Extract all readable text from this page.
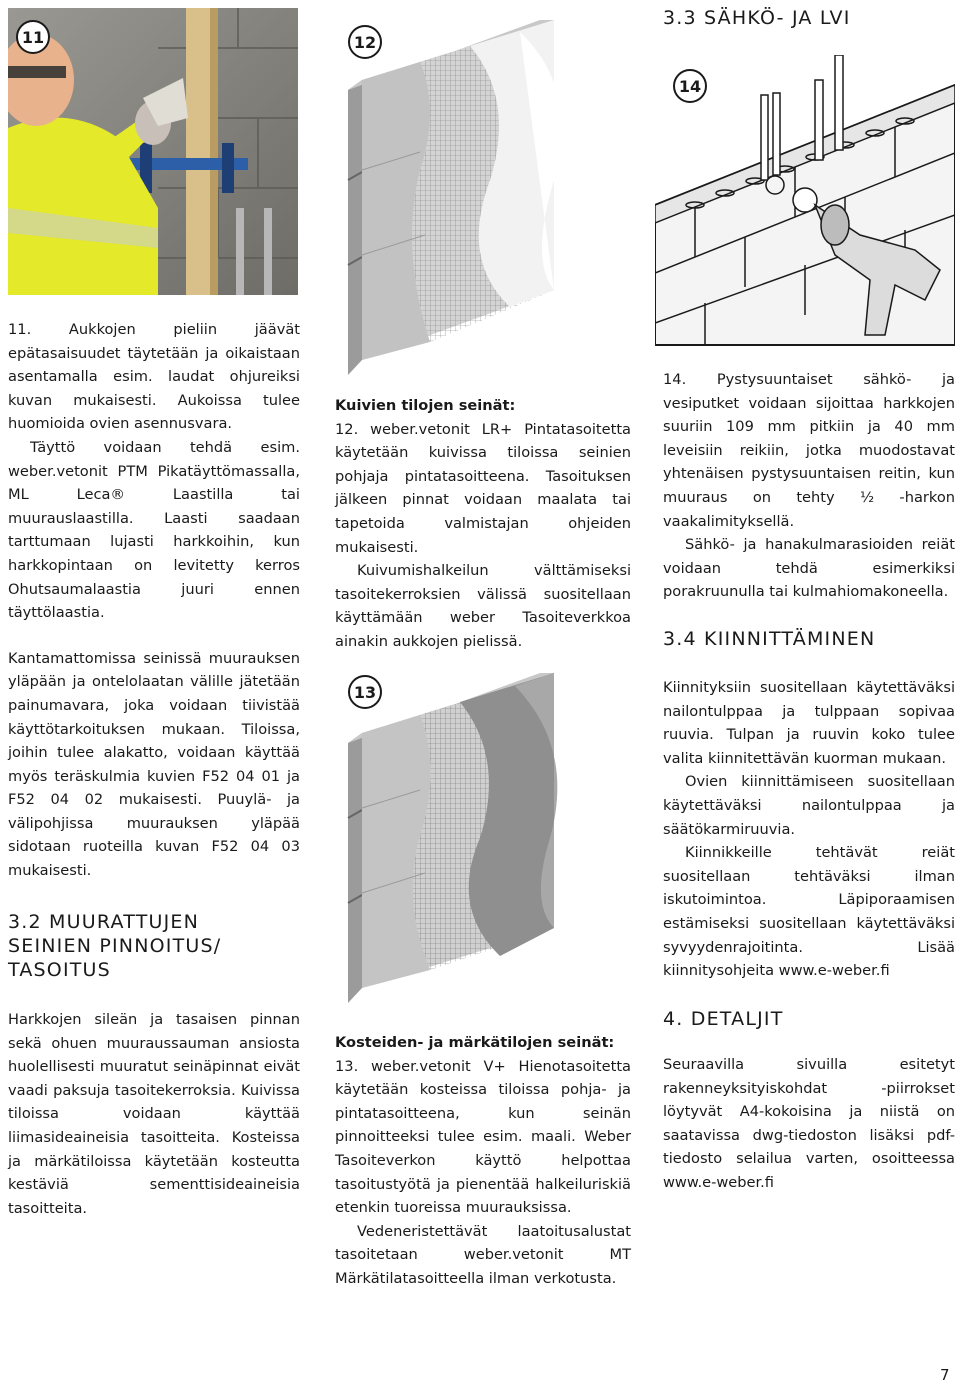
3.3 SÄHKÖ- JA LVI
11	12
13
14

11. Aukkojen pieliin jäävät epätasaisuudet täytetään ja oikaistaan asentamalla esim. laudat ohjureiksi kuvan mukaisesti. Aukoissa tulee huomioida ovien asennusvara.

Täyttö voidaan tehdä esim. weber.vetonit PTM Pikatäyttömassalla, ML Leca® Laastilla tai muurauslaastilla. Laasti saadaan tarttumaan lujasti harkkoihin, kun harkkopintaan on levitetty kerros Ohutsaumalaastia juuri ennen täyttölaastia.

Kantamattomissa seinissä muurauksen yläpään ja ontelolaatan välille jätetään painumavara, joka voidaan tiivistää käyttötarkoituksen mukaan. Tiloissa, joihin tulee alakatto, voidaan käyttää myös teräskulmia kuvien F52 04 01 ja F52 04 02 mukaisesti. Puuylä- ja välipohjissa muurauksen yläpää sidotaan ruoteilla kuvan F52 04 03 mukaisesti.

3.2 MUURATTUJEN
SEINIEN PINNOITUS/
TASOITUS
Harkkojen sileän ja tasaisen pinnan sekä ohuen muuraussauman ansiosta huolellisesti muuratut seinäpinnat eivät vaadi paksuja tasoitekerroksia. Kuivissa tiloissa voidaan käyttää liimasideaineisia tasoitteita. Kosteissa ja märkätiloissa käytetään kosteutta kestäviä sementtisideaineisia tasoitteita.

Kuivien tilojen seinät:

12. weber.vetonit LR+ Pintatasoitetta käytetään kuivissa tiloissa seinien pohjaja pintatasoitteena. Tasoituksen jälkeen pinnat voidaan maalata tai tapetoida valmistajan ohjeiden mukaisesti.

Kuivumishalkeilun välttämiseksi tasoitekerroksien välissä suositellaan käyttämään weber Tasoiteverkkoa ainakin aukkojen pielissä.

Kosteiden- ja märkätilojen seinät:

13. weber.vetonit V+ Hienotasoitetta käytetään kosteissa tiloissa pohja- ja pintatasoitteena, kun seinän pinnoitteeksi tulee esim. maali. Weber Tasoiteverkon käyttö helpottaa tasoitustyötä ja pienentää halkeiluriskiä etenkin tuoreissa muurauksissa.

Vedeneristettävät laatoitusalustat tasoitetaan weber.vetonit MT Märkätilatasoitteella ilman verkotusta.

14. Pystysuuntaiset sähkö- ja vesiputket voidaan sijoittaa harkkojen suuriin 109 mm pitkiin ja 40 mm leveisiin reikiin, jotka muodostavat yhtenäisen pystysuuntaisen reitin, kun muuraus on tehty ½ -harkon vaakalimityksellä.

Sähkö- ja hanakulmarasioiden reiät voidaan tehdä esimerkiksi porakruunulla tai kulmahiomakoneella.

3.4 KIINNITTÄMINEN

Kiinnityksiin suositellaan käytettäväksi nailontulppaa ja tulppaan sopivaa ruuvia. Tulpan ja ruuvin koko tulee valita kiinnitettävän kuorman mukaan.

Ovien kiinnittämiseen suositellaan käytettäväksi nailontulppaa ja säätökarmiruuvia.

Kiinnikkeille tehtävät reiät suositellaan tehtäväksi ilman iskutoimintoa. Läpiporaamisen estämiseksi suositellaan käytettäväksi syvyydenrajoitinta. Lisää kiinnitysohjeita www.e-weber.fi

4. DETALJIT
Seuraavilla sivuilla esitetyt rakenneyksityiskohdat -piirrokset löytyvät A4-kokoisina ja niistä on saatavissa dwg-tiedoston lisäksi pdf-tiedosto selailua varten, osoitteessa www.e-weber.fi
7
